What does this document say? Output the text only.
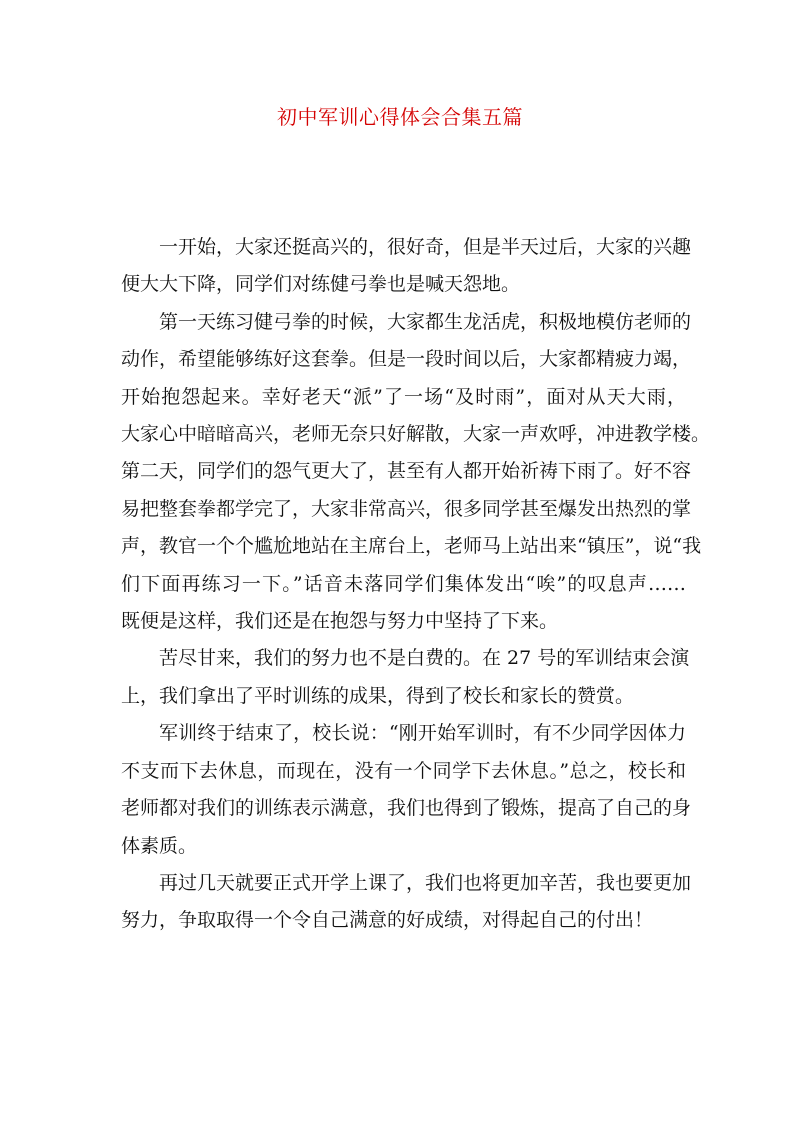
初中军训心得体会合集五篇

一开始，大家还挺高兴的，很好奇，但是半天过后，大家的兴趣
便大大下降，同学们对练健弓拳也是喊天怨地。

第一天练习健弓拳的时候，大家都生龙活虎，积极地模仿老师的
动作，希望能够练好这套拳。但是一段时间以后，大家都精疲力竭，
开始抱怨起来。幸好老天“派”了一场“及时雨”，面对从天大雨，
大家心中暗暗高兴，老师无奈只好解散，大家一声欢呼，冲进教学楼。
第二天，同学们的怨气更大了，甚至有人都开始祈祷下雨了。好不容
易把整套拳都学完了，大家非常高兴，很多同学甚至爆发出热烈的掌
声，教官一个个尴尬地站在主席台上，老师马上站出来“镇压”，说“我
们下面再练习一下。”话音未落同学们集体发出“唉”的叹息声……
既便是这样，我们还是在抱怨与努力中坚持了下来。

苦尽甘来，我们的努力也不是白费的。在 27 号的军训结束会演
上，我们拿出了平时训练的成果，得到了校长和家长的赞赏。

军训终于结束了，校长说：“刚开始军训时，有不少同学因体力
不支而下去休息，而现在，没有一个同学下去休息。”总之，校长和
老师都对我们的训练表示满意，我们也得到了锻炼，提高了自己的身
体素质。

再过几天就要正式开学上课了，我们也将更加辛苦，我也要更加
努力，争取取得一个令自己满意的好成绩，对得起自己的付出！
